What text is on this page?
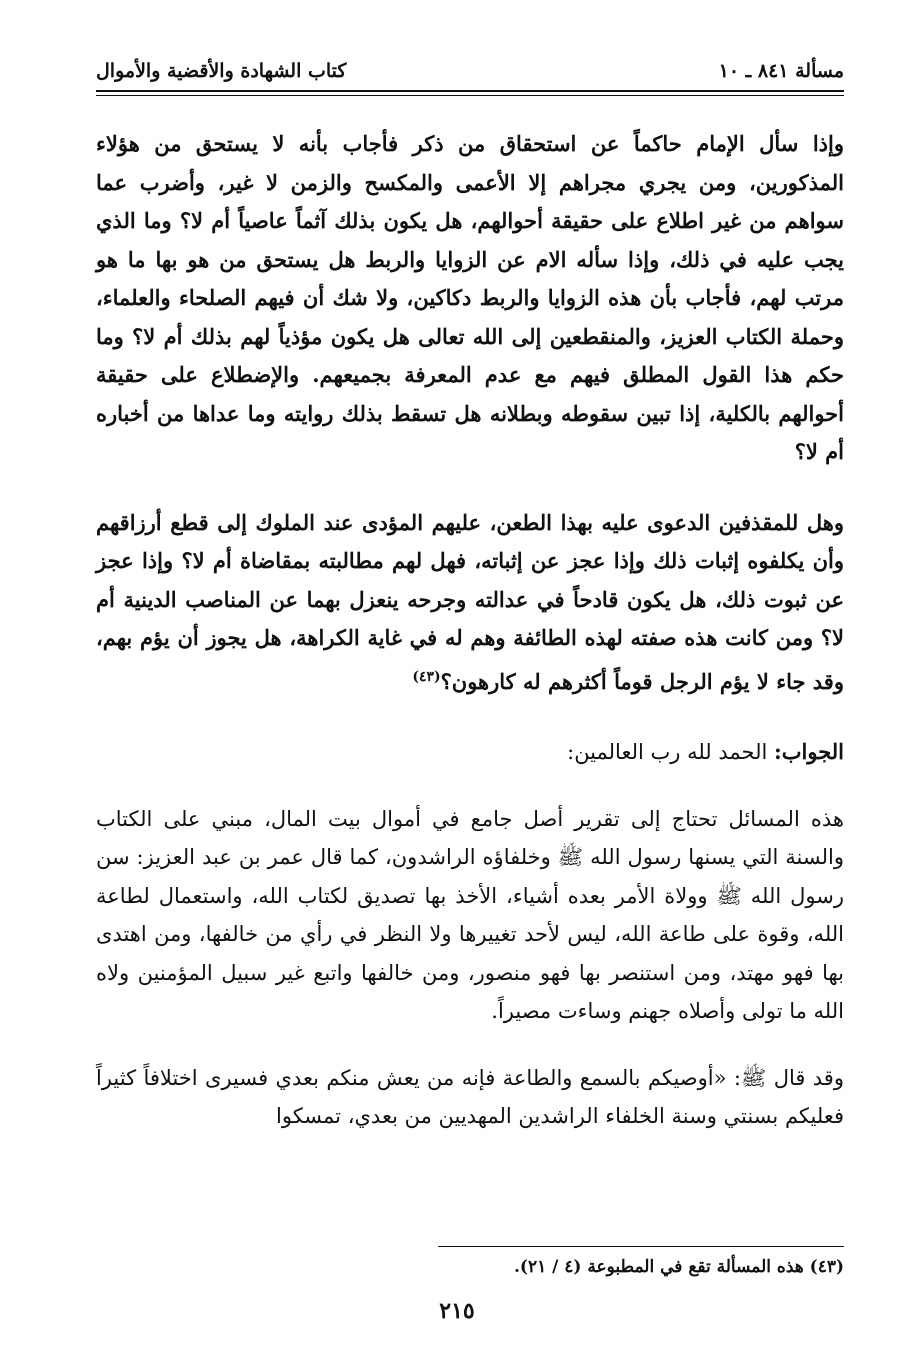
مسألة ٨٤١ ـ ١٠
كتاب الشهادة والأقضية والأموال

وإذا سأل الإمام حاكماً عن استحقاق من ذكر فأجاب بأنه لا يستحق من هؤلاء المذكورين، ومن يجري مجراهم إلا الأعمى والمكسح والزمن لا غير، وأضرب عما سواهم من غير اطلاع على حقيقة أحوالهم، هل يكون بذلك آثماً عاصياً أم لا؟ وما الذي يجب عليه في ذلك، وإذا سأله الام عن الزوايا والربط هل يستحق من هو بها ما هو مرتب لهم، فأجاب بأن هذه الزوايا والربط دكاكين، ولا شك أن فيهم الصلحاء والعلماء، وحملة الكتاب العزيز، والمنقطعين إلى الله تعالى هل يكون مؤذياً لهم بذلك أم لا؟ وما حكم هذا القول المطلق فيهم مع عدم المعرفة بجميعهم. والإضطلاع على حقيقة أحوالهم بالكلية، إذا تبين سقوطه وبطلانه هل تسقط بذلك روايته وما عداها من أخباره أم لا؟

وهل للمقذفين الدعوى عليه بهذا الطعن، عليهم المؤدى عند الملوك إلى قطع أرزاقهم وأن يكلفوه إثبات ذلك وإذا عجز عن إثباته، فهل لهم مطالبته بمقاضاة أم لا؟ وإذا عجز عن ثبوت ذلك، هل يكون قادحاً في عدالته وجرحه ينعزل بهما عن المناصب الدينية أم لا؟ ومن كانت هذه صفته لهذه الطائفة وهم له في غاية الكراهة، هل يجوز أن يؤم بهم، وقد جاء لا يؤم الرجل قوماً أكثرهم له كارهون؟$^{(٤٣)}$

الجواب: الحمد لله رب العالمين:

هذه المسائل تحتاج إلى تقرير أصل جامع في أموال بيت المال، مبني على الكتاب والسنة التي يسنها رسول الله ﷺ وخلفاؤه الراشدون، كما قال عمر بن عبد العزيز: سن رسول الله ﷺ وولاة الأمر بعده أشياء، الأخذ بها تصديق لكتاب الله، واستعمال لطاعة الله، وقوة على طاعة الله، ليس لأحد تغييرها ولا النظر في رأي من خالفها، ومن اهتدى بها فهو مهتد، ومن استنصر بها فهو منصور، ومن خالفها واتبع غير سبيل المؤمنين ولاه الله ما تولى وأصلاه جهنم وساءت مصيراً.

وقد قال ﷺ: «أوصيكم بالسمع والطاعة فإنه من يعش منكم بعدي فسيرى اختلافاً كثيراً فعليكم بسنتي وسنة الخلفاء الراشدين المهديين من بعدي، تمسكوا

(٤٣) هذه المسألة تقع في المطبوعة (٤ / ٢١).
٢١٥
